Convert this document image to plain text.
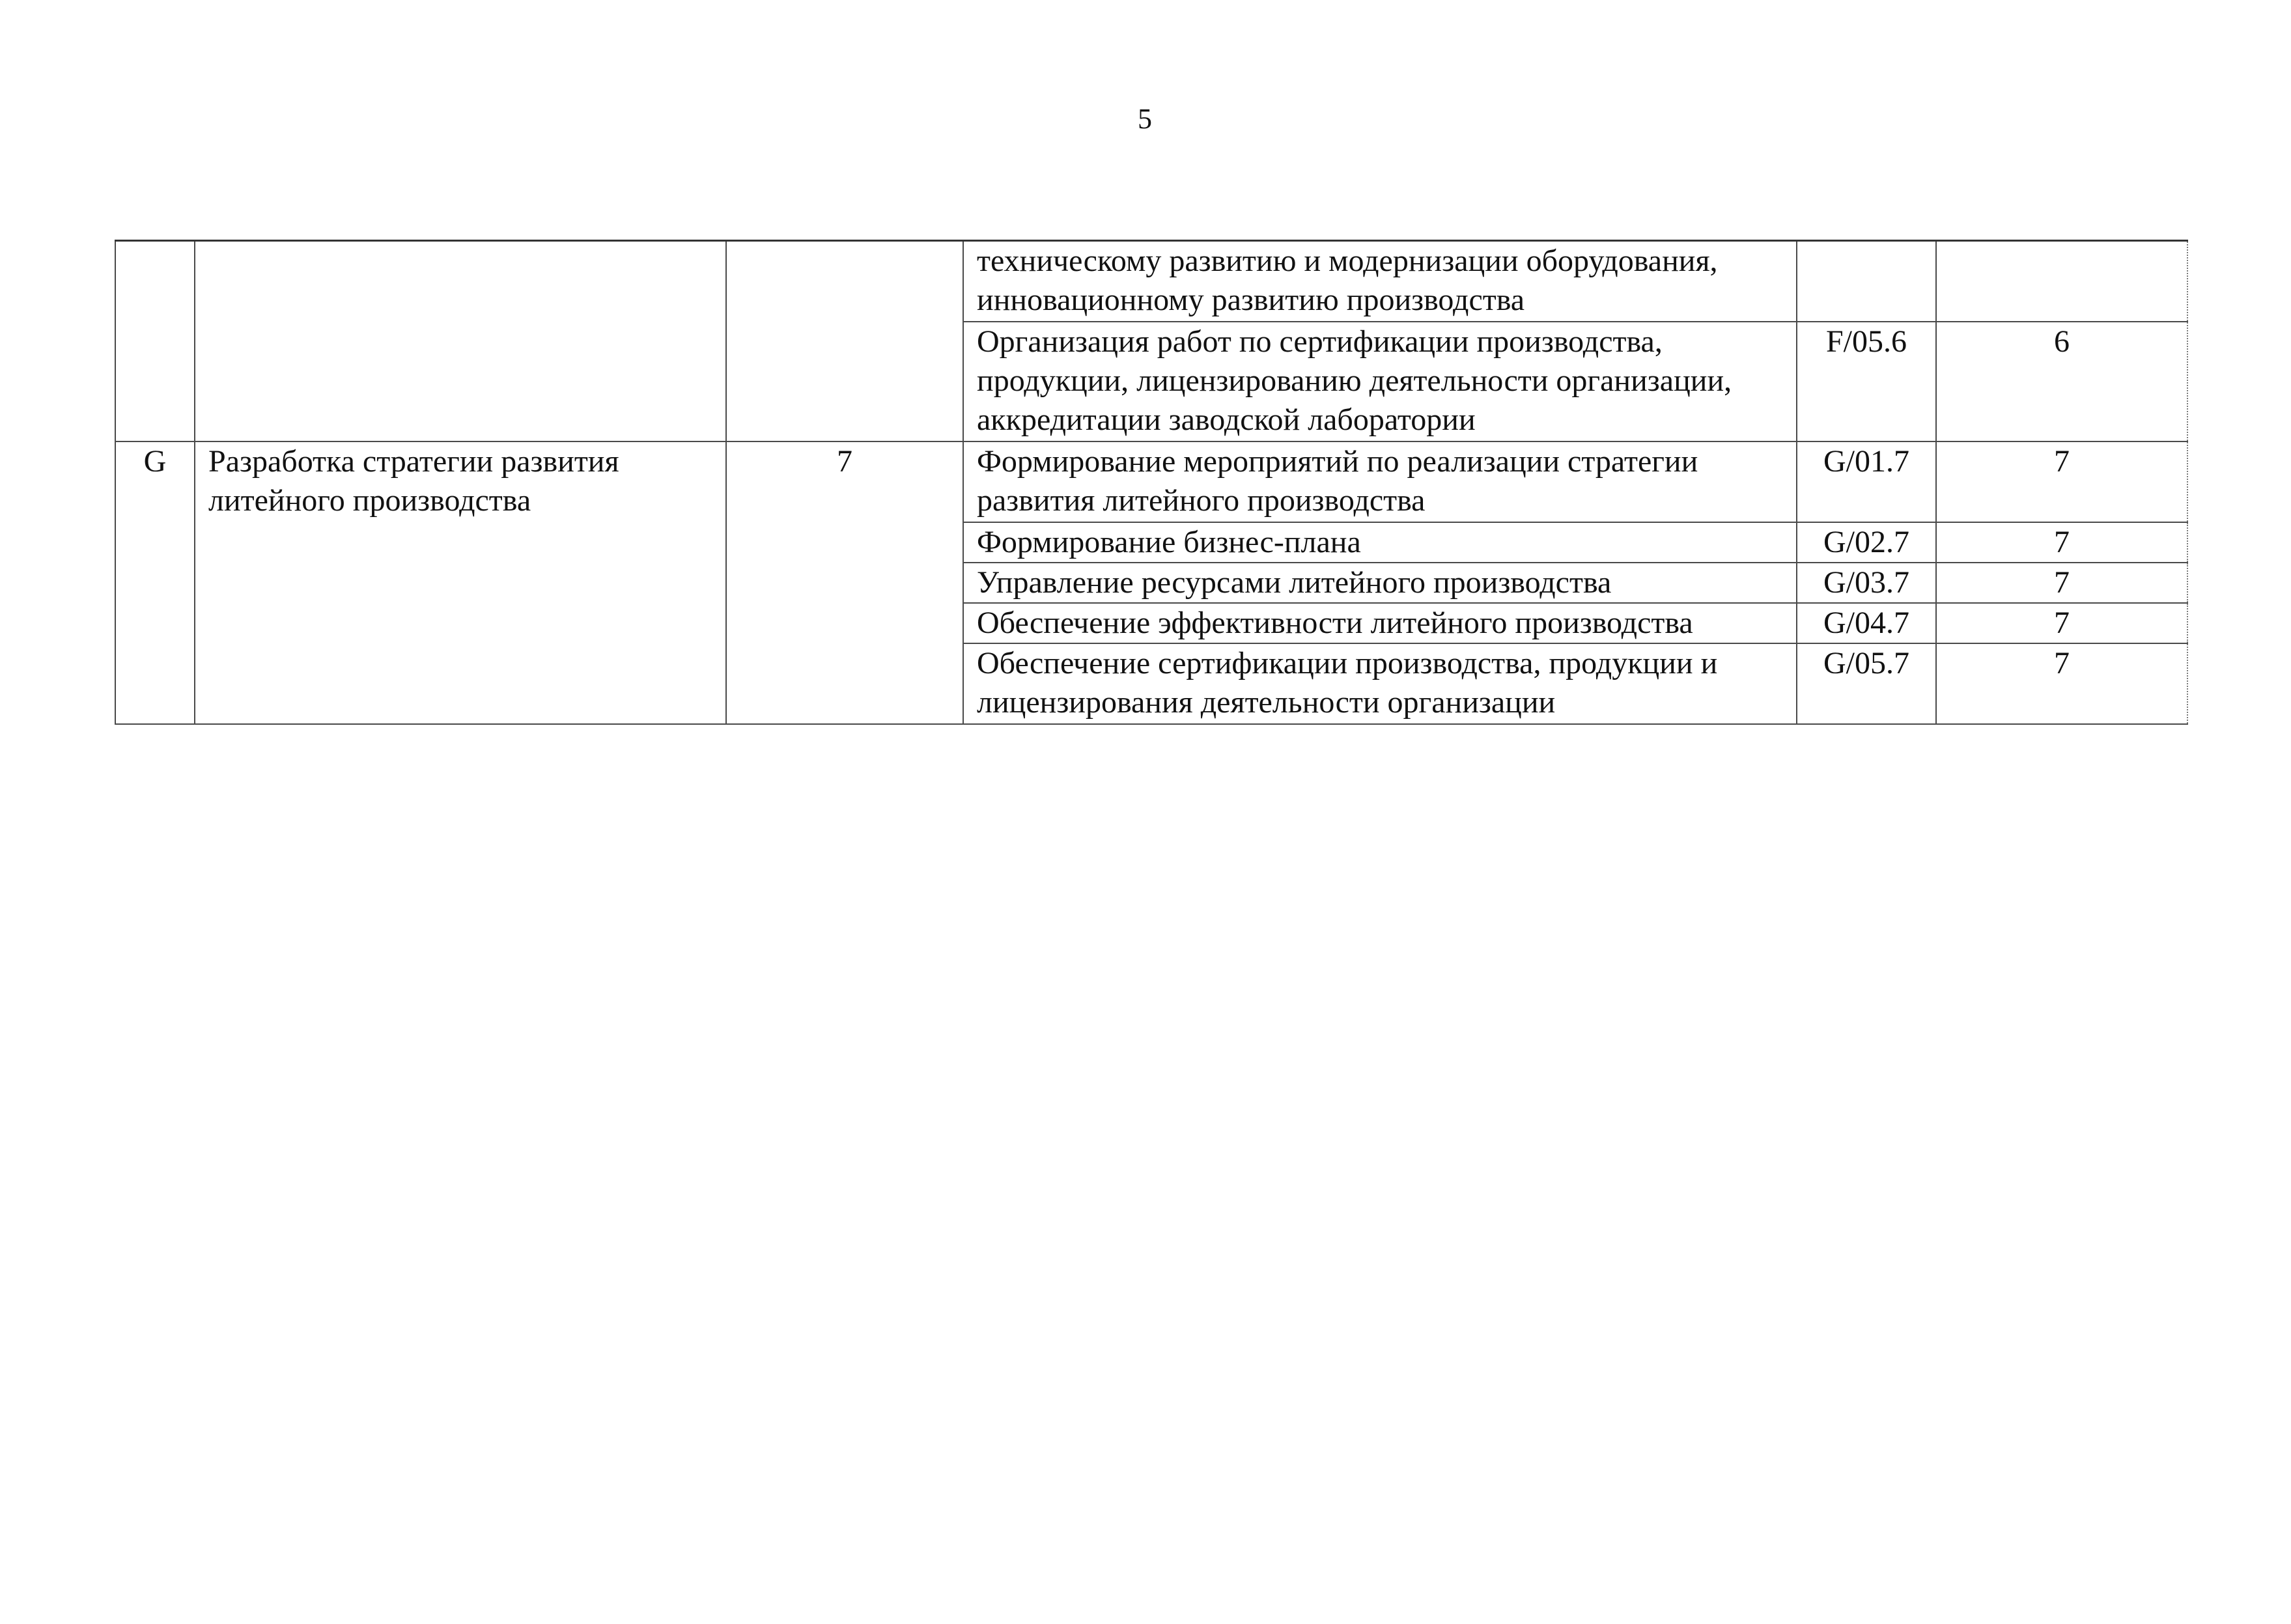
5
			техническому развитию и модернизации оборудования, инновационному развитию производства		
			Организация работ по сертификации производства, продукции, лицензированию деятельности организации, аккредитации заводской лаборатории	F/05.6	6
G	Разработка стратегии развития литейного производства	7	Формирование мероприятий по реализации стратегии развития литейного производства	G/01.7	7
			Формирование бизнес-плана	G/02.7	7
			Управление ресурсами литейного производства	G/03.7	7
			Обеспечение эффективности литейного производства	G/04.7	7
			Обеспечение сертификации производства, продукции и лицензирования деятельности организации	G/05.7	7
